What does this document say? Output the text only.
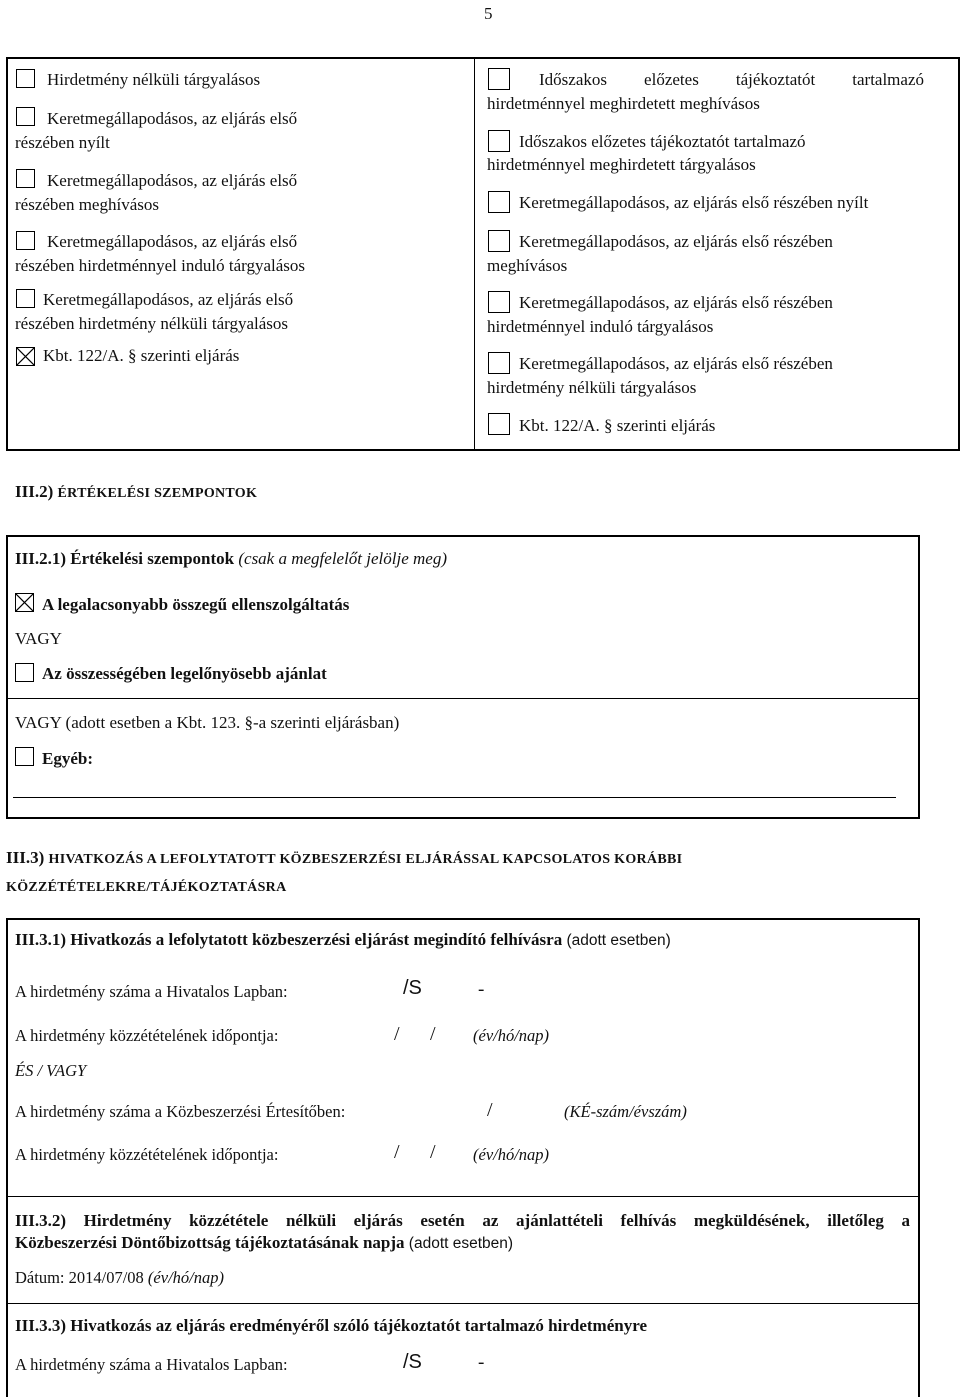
5
Hirdetmény nélküli tárgyalásos
Keretmegállapodásos, az eljárás első
részében nyílt
Keretmegállapodásos, az eljárás első
részében meghívásos
Keretmegállapodásos, az eljárás első
részében hirdetménnyel induló tárgyalásos
Keretmegállapodásos, az eljárás első
részében hirdetmény nélküli tárgyalásos
Kbt. 122/A. § szerinti eljárás
Időszakos előzetes tájékoztatót tartalmazó
hirdetménnyel meghirdetett meghívásos
Időszakos előzetes tájékoztatót tartalmazó
hirdetménnyel meghirdetett tárgyalásos
Keretmegállapodásos, az eljárás első részében nyílt
Keretmegállapodásos, az eljárás első részében
meghívásos
Keretmegállapodásos, az eljárás első részében
hirdetménnyel induló tárgyalásos
Keretmegállapodásos, az eljárás első részében
hirdetmény nélküli tárgyalásos
Kbt. 122/A. § szerinti eljárás
III.2) ÉRTÉKELÉSI SZEMPONTOK
III.2.1) Értékelési szempontok (csak a megfelelőt jelölje meg)
A legalacsonyabb összegű ellenszolgáltatás
VAGY
Az összességében legelőnyösebb ajánlat
VAGY (adott esetben a Kbt. 123. §-a szerinti eljárásban)
Egyéb:
III.3) HIVATKOZÁS A LEFOLYTATOTT KÖZBESZERZÉSI ELJÁRÁSSAL KAPCSOLATOS KORÁBBI
KÖZZÉTÉTELEKRE/TÁJÉKOZTATÁSRA
III.3.1) Hivatkozás a lefolytatott közbeszerzési eljárást megindító felhívásra (adott esetben)
A hirdetmény száma a Hivatalos Lapban:	/S	-
A hirdetmény közzétételének időpontja:	/ / (év/hó/nap)
ÉS / VAGY
A hirdetmény száma a Közbeszerzési Értesítőben:	/	(KÉ-szám/évszám)
A hirdetmény közzétételének időpontja:	/ / (év/hó/nap)
III.3.2) Hirdetmény közzététele nélküli eljárás esetén az ajánlattételi felhívás megküldésének, illetőleg a
Közbeszerzési Döntőbizottság tájékoztatásának napja (adott esetben)
Dátum: 2014/07/08 (év/hó/nap)
III.3.3) Hivatkozás az eljárás eredményéről szóló tájékoztatót tartalmazó hirdetményre
A hirdetmény száma a Hivatalos Lapban:	/S	-
